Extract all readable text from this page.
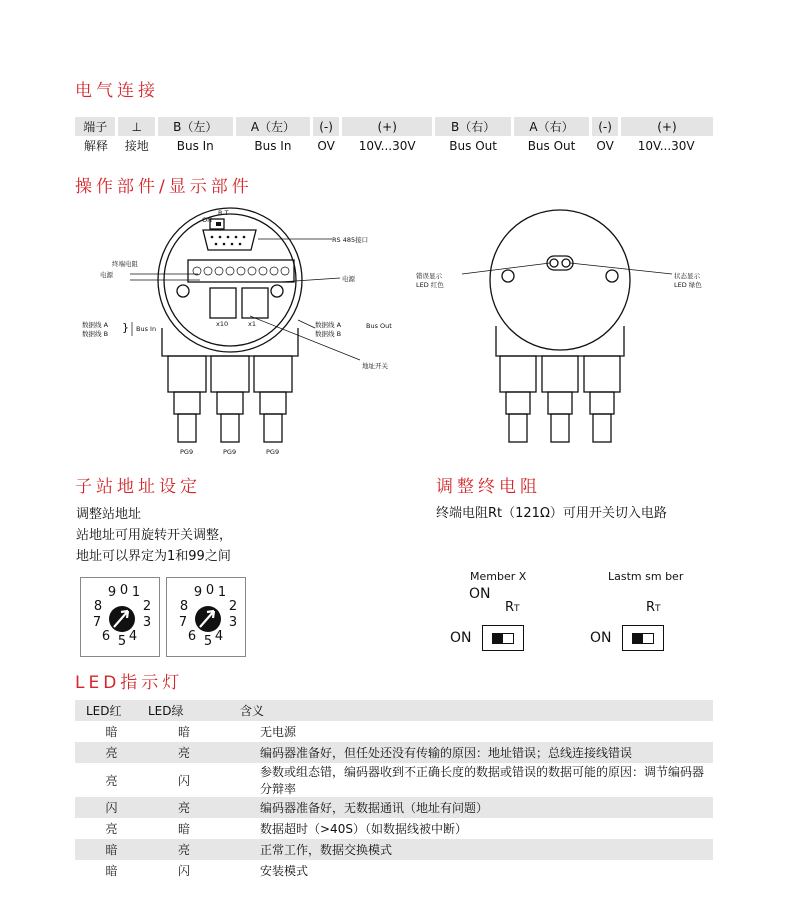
电气连接
端子	⊥	B（左）	A（左）	(-)	(+)	B（右）	A（右）	(-)	(+)
解释	接地	Bus In	Bus In	OV	10V...30V	Bus Out	Bus Out	OV	10V...30V
操作部件/显示部件
ON
R T
RS 485接口
终端电阻
电源	电源
数据线 A
数据线 B
Bus In	数据线 A
数据线 B
Bus Out
地址开关
x10	x1
PG9	PG9	PG9
}
错误显示
LED 红色
状态显示
LED 绿色
子站地址设定
调整站地址
站地址可用旋转开关调整，
地址可以界定为1和99之间
9 0 1
8	2
7	3
6 5 4
9 0 1
8	2
7	3
6 5 4
调整终电阻
终端电阻Rt（121Ω）可用开关切入电路
Member X	Lastm sm ber
ON
RT	RT
ON	ON
LED指示灯
LED红	LED绿	含义
暗	暗	无电源
亮	亮	编码器准备好，但任处还没有传输的原因：地址错误；总线连接线错误
亮	闪	参数或组态错，编码器收到不正确长度的数据或错误的数据可能的原因：调节编码器分辩率
闪	亮	编码器准备好，无数据通讯（地址有问题）
亮	暗	数据超时（>40S）（如数据线被中断）
暗	亮	正常工作，数据交换模式
暗	闪	安装模式
